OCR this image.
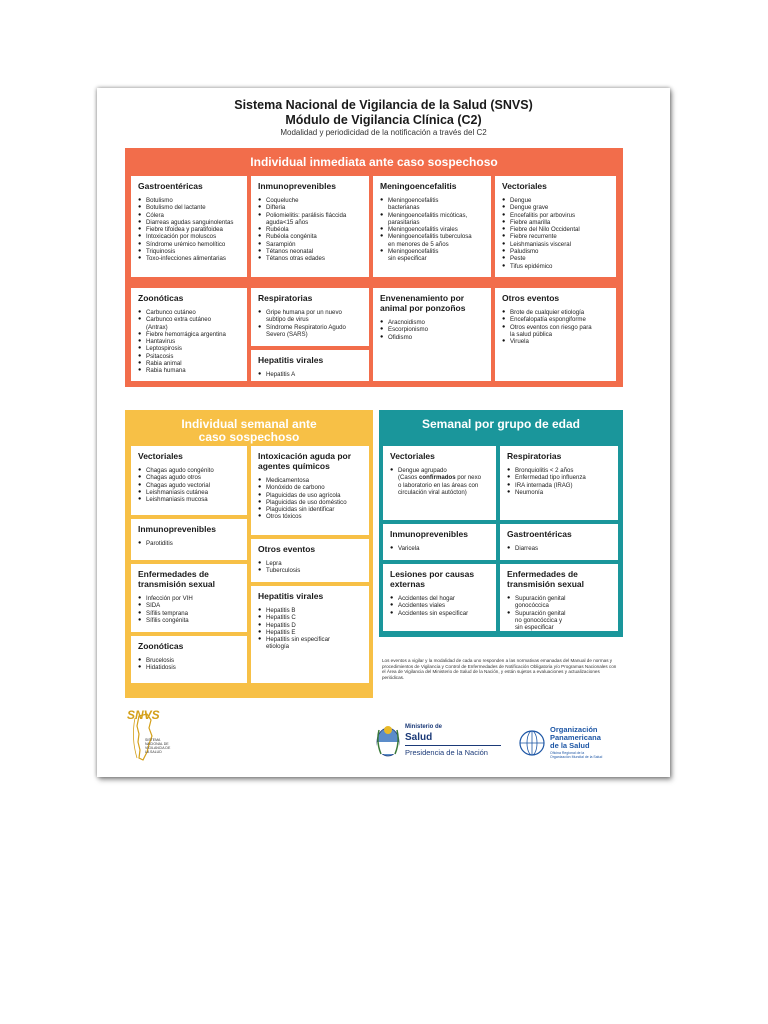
Sistema Nacional de Vigilancia de la Salud (SNVS)
Módulo de Vigilancia Clínica (C2)
Modalidad y periodicidad de la notificación a través del C2
Individual inmediata ante caso sospechoso
Gastroentéricas
● Botulismo
● Botulismo del lactante
● Cólera
● Diarreas agudas sanguinolentas
● Fiebre tifoidea y paratifoidea
● Intoxicación por moluscos
● Síndrome urémico hemolítico
● Triquinosis
● Toxo-infecciones alimentarias
Inmunoprevenibles
● Coqueluche
● Difteria
● Poliomielitis: parálisis fláccida
aguda<15 años
● Rubéola
● Rubéola congénita
● Sarampión
● Tétanos neonatal
● Tétanos otras edades
Meningoencefalitis
● Meningoencefalitis
bacterianas
● Meningoencefalitis micóticas,
parasitarias
● Meningoencefalitis virales
● Meningoencefalitis tuberculosa
en menores de 5 años
● Meningoencefalitis
sin especificar
Vectoriales
● Dengue
● Dengue grave
● Encefalitis por arbovirus
● Fiebre amarilla
● Fiebre del Nilo Occidental
● Fiebre recurrente
● Leishmaniasis visceral
● Paludismo
● Peste
● Tifus epidémico
Zoonóticas
● Carbunco cutáneo
● Carbunco extra cutáneo
(Antrax)
● Fiebre hemorrágica argentina
● Hantavirus
● Leptospirosis
● Psitacosis
● Rabia animal
● Rabia humana
Respiratorias
● Gripe humana por un nuevo
subtipo de virus
● Síndrome Respiratorio Agudo
Severo (SARS)
Hepatitis virales
● Hepatitis A
Envenenamiento por
animal por ponzoños
● Aracnoidismo
● Escorpionismo
● Ofidismo
Otros eventos
● Brote de cualquier etiología
● Encefalopatía espongiforme
● Otros eventos con riesgo para
la salud pública
● Viruela
Individual semanal ante
caso sospechoso
Vectoriales
● Chagas agudo congénito
● Chagas agudo otros
● Chagas agudo vectorial
● Leishmaniasis cutánea
● Leishmaniasis mucosa
Intoxicación aguda por
agentes químicos
● Medicamentosa
● Monóxido de carbono
● Plaguicidas de uso agrícola
● Plaguicidas de uso doméstico
● Plaguicidas sin identificar
● Otros tóxicos
Inmunoprevenibles
● Parotiditis
Otros eventos
● Lepra
● Tuberculosis
Enfermedades de
transmisión sexual
● Infección por VIH
● SIDA
● Sífilis temprana
● Sífilis congénita
Hepatitis virales
● Hepatitis B
● Hepatitis C
● Hepatitis D
● Hepatitis E
● Hepatitis sin especificar
etiología
Zoonóticas
● Brucelosis
● Hidatidosis
Semanal por grupo de edad
Vectoriales
● Dengue agrupado
(Casos confirmados por nexo
o laboratorio en las áreas con
circulación viral autócton)
Respiratorias
● Bronquiolitis < 2 años
● Enfermedad tipo influenza
● IRA internada (IRAG)
● Neumonía
Inmunoprevenibles
● Varicela
Gastroentéricas
● Diarreas
Lesiones por causas
externas
● Accidentes del hogar
● Accidentes viales
● Accidentes sin especificar
Enfermedades de
transmisión sexual
● Supuración genital
gonocóccica
● Supuración genital
no gonocóccica y
sin especificar
Los eventos a vigilar y la modalidad de cada uno responden a las normativas emanadas del Manual de normas y procedimientos de Vigilancia y Control de Enfermedades de Notificación Obligatoria y/o Programas Nacionales con el Área de Vigilancia del Ministerio de Salud de la Nación, y están sujetos a evaluaciones y actualizaciones periódicas.
SNVS
SISTEMA NACIONAL DE VIGILANCIA DE LA SALUD
Ministerio de
Salud
Presidencia de la Nación
Organización
Panamericana
de la Salud
Oficina Regional de la
Organización Mundial de la Salud
